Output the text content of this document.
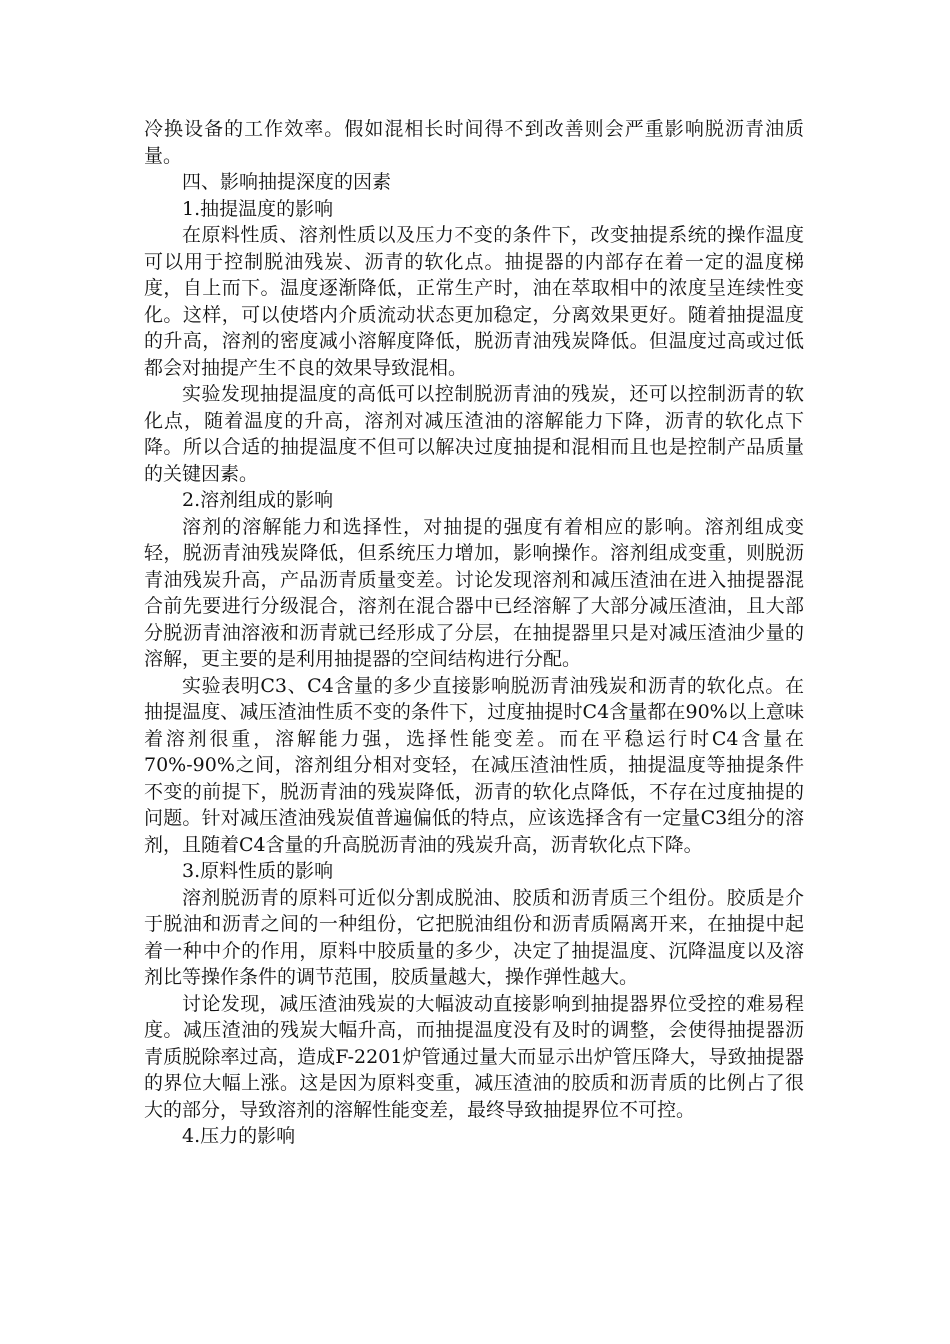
冷换设备的工作效率。假如混相长时间得不到改善则会严重影响脱沥青油质量。

四、影响抽提深度的因素

1.抽提温度的影响

在原料性质、溶剂性质以及压力不变的条件下，改变抽提系统的操作温度可以用于控制脱油残炭、沥青的软化点。抽提器的内部存在着一定的温度梯度，自上而下。温度逐渐降低，正常生产时，油在萃取相中的浓度呈连续性变化。这样，可以使塔内介质流动状态更加稳定，分离效果更好。随着抽提温度的升高，溶剂的密度减小溶解度降低，脱沥青油残炭降低。但温度过高或过低都会对抽提产生不良的效果导致混相。

实验发现抽提温度的高低可以控制脱沥青油的残炭，还可以控制沥青的软化点，随着温度的升高，溶剂对减压渣油的溶解能力下降，沥青的软化点下降。所以合适的抽提温度不但可以解决过度抽提和混相而且也是控制产品质量的关键因素。

2.溶剂组成的影响

溶剂的溶解能力和选择性，对抽提的强度有着相应的影响。溶剂组成变轻，脱沥青油残炭降低，但系统压力增加，影响操作。溶剂组成变重，则脱沥青油残炭升高，产品沥青质量变差。讨论发现溶剂和减压渣油在进入抽提器混合前先要进行分级混合，溶剂在混合器中已经溶解了大部分减压渣油，且大部分脱沥青油溶液和沥青就已经形成了分层，在抽提器里只是对减压渣油少量的溶解，更主要的是利用抽提器的空间结构进行分配。

实验表明C3、C4含量的多少直接影响脱沥青油残炭和沥青的软化点。在抽提温度、减压渣油性质不变的条件下，过度抽提时C4含量都在90%以上意味着溶剂很重，溶解能力强，选择性能变差。而在平稳运行时C4含量在70%-90%之间，溶剂组分相对变轻，在减压渣油性质，抽提温度等抽提条件不变的前提下，脱沥青油的残炭降低，沥青的软化点降低，不存在过度抽提的问题。针对减压渣油残炭值普遍偏低的特点，应该选择含有一定量C3组分的溶剂，且随着C4含量的升高脱沥青油的残炭升高，沥青软化点下降。

3.原料性质的影响

溶剂脱沥青的原料可近似分割成脱油、胶质和沥青质三个组份。胶质是介于脱油和沥青之间的一种组份，它把脱油组份和沥青质隔离开来，在抽提中起着一种中介的作用，原料中胶质量的多少，决定了抽提温度、沉降温度以及溶剂比等操作条件的调节范围，胶质量越大，操作弹性越大。

讨论发现，减压渣油残炭的大幅波动直接影响到抽提器界位受控的难易程度。减压渣油的残炭大幅升高，而抽提温度没有及时的调整，会使得抽提器沥青质脱除率过高，造成F-2201炉管通过量大而显示出炉管压降大，导致抽提器的界位大幅上涨。这是因为原料变重，减压渣油的胶质和沥青质的比例占了很大的部分，导致溶剂的溶解性能变差，最终导致抽提界位不可控。

4.压力的影响
